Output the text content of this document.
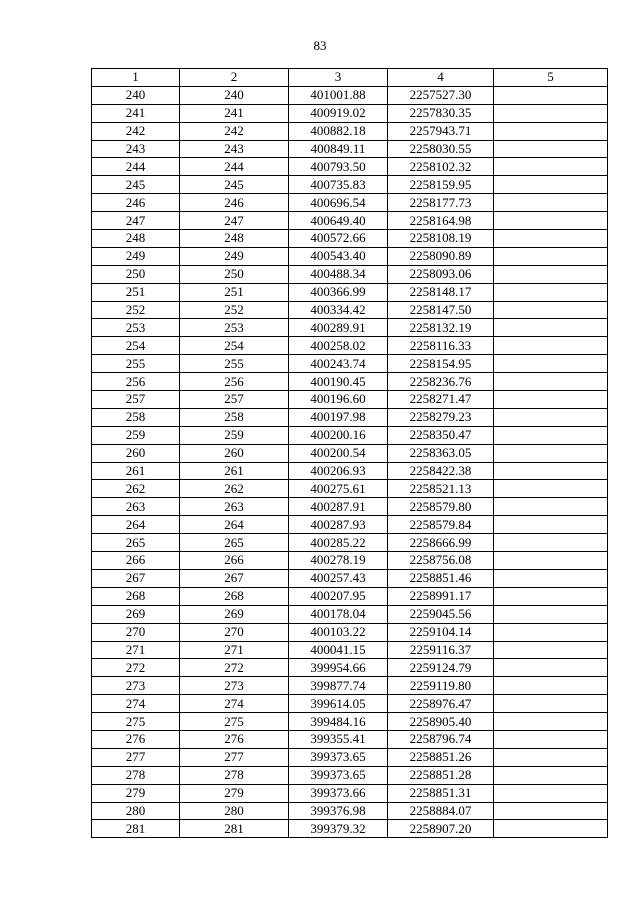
83
1	2	3	4	5
240	240	401001.88	2257527.30	
241	241	400919.02	2257830.35	
242	242	400882.18	2257943.71	
243	243	400849.11	2258030.55	
244	244	400793.50	2258102.32	
245	245	400735.83	2258159.95	
246	246	400696.54	2258177.73	
247	247	400649.40	2258164.98	
248	248	400572.66	2258108.19	
249	249	400543.40	2258090.89	
250	250	400488.34	2258093.06	
251	251	400366.99	2258148.17	
252	252	400334.42	2258147.50	
253	253	400289.91	2258132.19	
254	254	400258.02	2258116.33	
255	255	400243.74	2258154.95	
256	256	400190.45	2258236.76	
257	257	400196.60	2258271.47	
258	258	400197.98	2258279.23	
259	259	400200.16	2258350.47	
260	260	400200.54	2258363.05	
261	261	400206.93	2258422.38	
262	262	400275.61	2258521.13	
263	263	400287.91	2258579.80	
264	264	400287.93	2258579.84	
265	265	400285.22	2258666.99	
266	266	400278.19	2258756.08	
267	267	400257.43	2258851.46	
268	268	400207.95	2258991.17	
269	269	400178.04	2259045.56	
270	270	400103.22	2259104.14	
271	271	400041.15	2259116.37	
272	272	399954.66	2259124.79	
273	273	399877.74	2259119.80	
274	274	399614.05	2258976.47	
275	275	399484.16	2258905.40	
276	276	399355.41	2258796.74	
277	277	399373.65	2258851.26	
278	278	399373.65	2258851.28	
279	279	399373.66	2258851.31	
280	280	399376.98	2258884.07	
281	281	399379.32	2258907.20	
